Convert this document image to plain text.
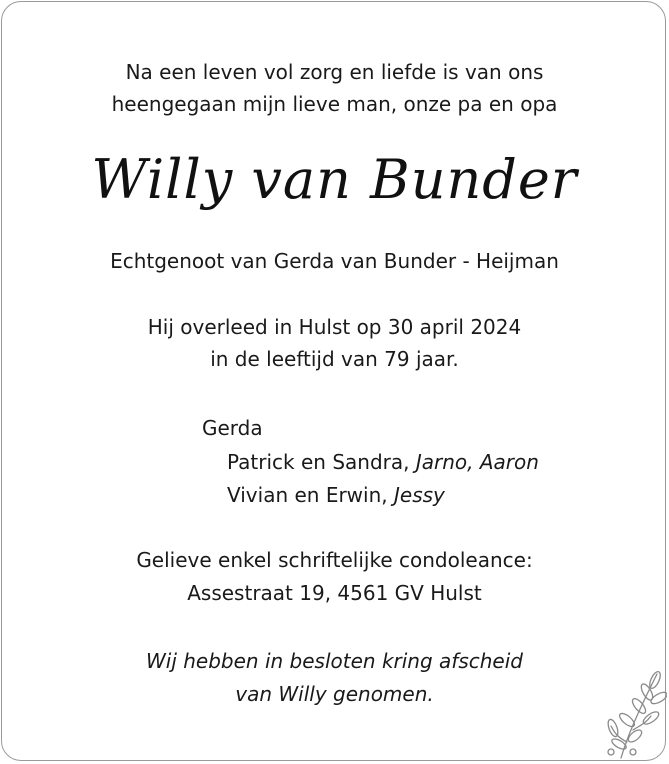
Na een leven vol zorg en liefde is van ons
heengegaan mijn lieve man, onze pa en opa
Willy van Bunder
Echtgenoot van Gerda van Bunder - Heijman
Hij overleed in Hulst op 30 april 2024
in de leeftijd van 79 jaar.
Gerda
Patrick en Sandra, Jarno, Aaron
Vivian en Erwin, Jessy
Gelieve enkel schriftelijke condoleance:
Assestraat 19, 4561 GV Hulst
Wij hebben in besloten kring afscheid
van Willy genomen.
